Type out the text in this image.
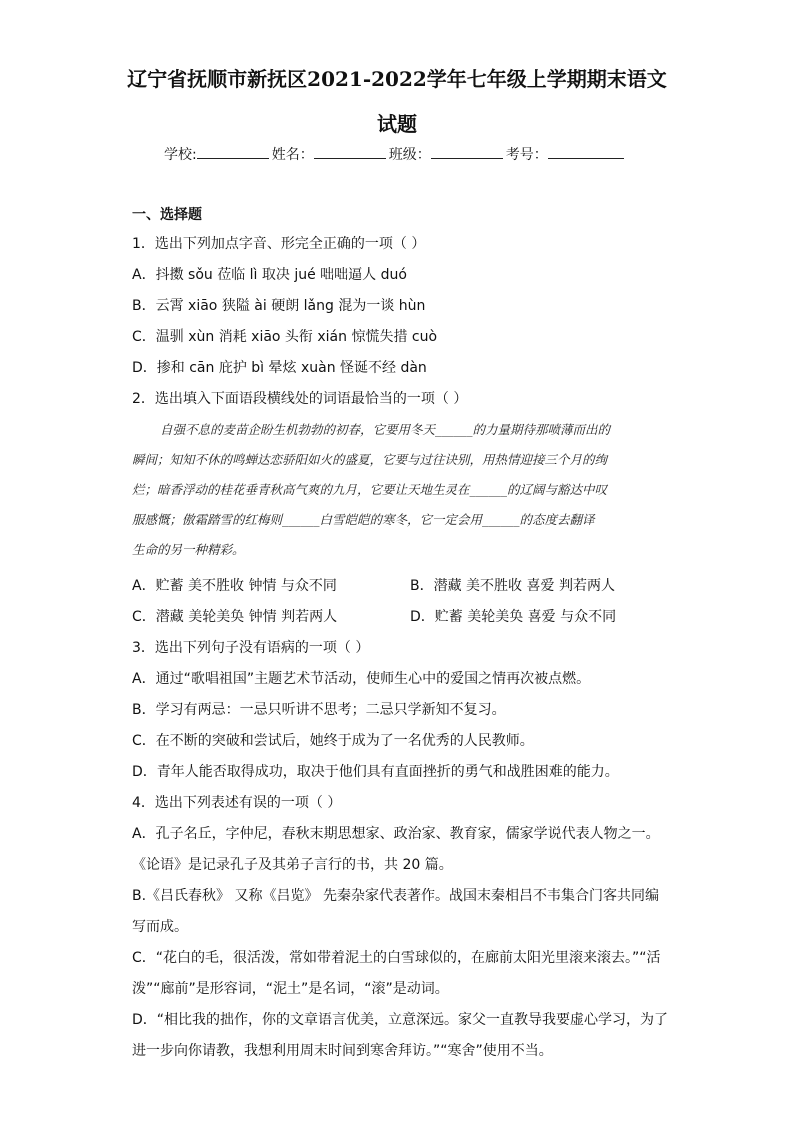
辽宁省抚顺市新抚区2021-2022学年七年级上学期期末语文
试题
学校:	姓名：	班级：	考号：
一、选择题
1．选出下列加点字音、形完全正确的一项（ ）
A．抖擞 sǒu 莅临 lì 取决 jué 咄咄逼人 duó
B．云霄 xiāo 狭隘 ài 硬朗 lǎng 混为一谈 hùn
C．温驯 xùn 消耗 xiāo 头衔 xián 惊慌失措 cuò
D．掺和 cān 庇护 bì 晕炫 xuàn 怪诞不经 dàn
2．选出填入下面语段横线处的词语最恰当的一项（ ）
自强不息的麦苗企盼生机勃勃的初春，它要用冬天______的力量期待那喷薄而出的
瞬间；知知不休的鸣蝉达恋骄阳如火的盛夏，它要与过往诀别，用热情迎接三个月的绚
烂；暗香浮动的桂花垂青秋高气爽的九月，它要让天地生灵在______的辽阔与豁达中叹
服感慨；傲霜踏雪的红梅则______白雪皑皑的寒冬，它一定会用______的态度去翻译
生命的另一种精彩。
A．贮蓄 美不胜收 钟情 与众不同	B．潜藏 美不胜收 喜爱 判若两人
C．潜藏 美轮美奂 钟情 判若两人	D．贮蓄 美轮美奂 喜爱 与众不同
3．选出下列句子没有语病的一项（ ）
A．通过“歌唱祖国”主题艺术节活动，使师生心中的爱国之情再次被点燃。
B．学习有两忌：一忌只听讲不思考；二忌只学新知不复习。
C．在不断的突破和尝试后，她终于成为了一名优秀的人民教师。
D．青年人能否取得成功，取决于他们具有直面挫折的勇气和战胜困难的能力。
4．选出下列表述有误的一项（ ）
A．孔子名丘，字仲尼，春秋末期思想家、政治家、教育家，儒家学说代表人物之一。
《论语》是记录孔子及其弟子言行的书，共 20 篇。
B.《吕氏春秋》 又称《吕览》 先秦杂家代表著作。战国末秦相吕不韦集合门客共同编
写而成。
C．“花白的毛，很活泼，常如带着泥土的白雪球似的，在廊前太阳光里滚来滚去。”“活
泼”“廊前”是形容词，“泥土”是名词，“滚”是动词。
D．“相比我的拙作，你的文章语言优美，立意深远。家父一直教导我要虚心学习，为了
进一步向你请教，我想利用周末时间到寒舍拜访。”“寒舍”使用不当。
